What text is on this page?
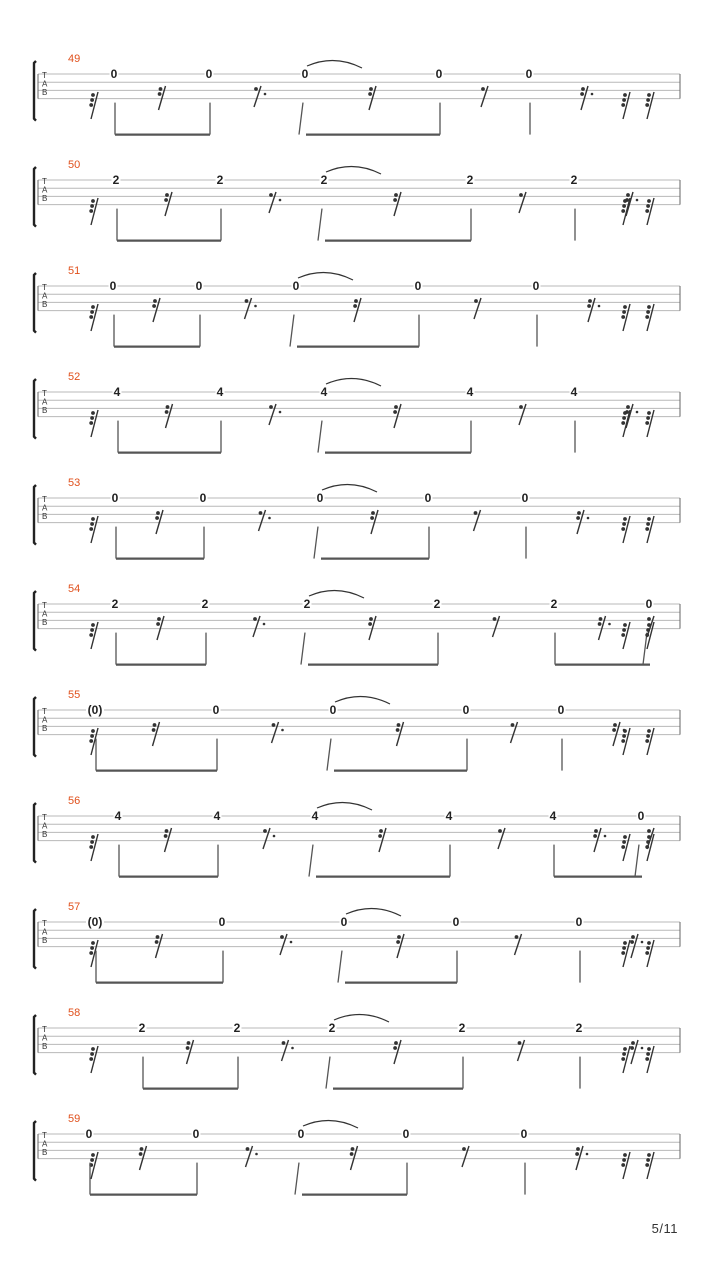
T
A
B
49
0	0	0	0	0
T
A
B
50
2	2	2	2	2
T
A
B
51
0	0	0	0	0
T
A
B
52
4	4	4	4	4
T
A
B
53
0	0	0	0	0
T
A
B
54
2	2	2	2	2	0
T
A
B
55
(0)	0	0	0	0
T
A
B
56
4	4	4	4	4	0
T
A
B
57
(0)	0	0	0	0
T
A
B
58
2	2	2	2	2
T
A
B
59
0	0	0	0	0
5/11
